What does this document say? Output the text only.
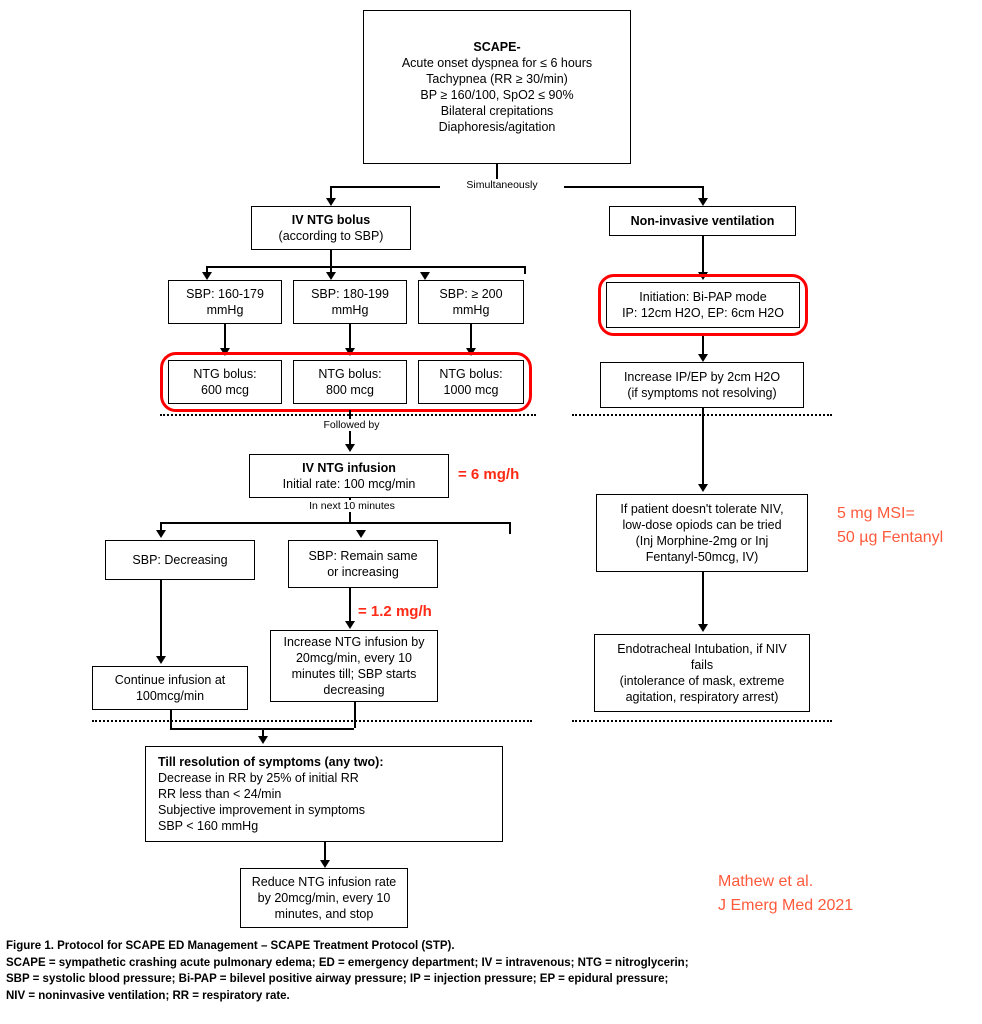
SCAPE-
Acute onset dyspnea for ≤ 6 hours
Tachypnea (RR ≥ 30/min)
BP ≥ 160/100, SpO2 ≤ 90%
Bilateral crepitations
Diaphoresis/agitation
Simultaneously
IV NTG bolus
(according to SBP)
Non-invasive ventilation
SBP: 160-179
mmHg
SBP: 180-199
mmHg
SBP: ≥ 200
mmHg
NTG bolus:
600 mcg
NTG bolus:
800 mcg
NTG bolus:
1000 mcg
Followed by
IV NTG infusion
Initial rate: 100 mcg/min
= 6 mg/h
In next 10 minutes
SBP: Decreasing	SBP: Remain same
or increasing
= 1.2 mg/h
Increase NTG infusion by
20mcg/min, every 10
minutes till; SBP starts
decreasing
Continue infusion at
100mcg/min
Till resolution of symptoms (any two):
Decrease in RR by 25% of initial RR
RR less than < 24/min
Subjective improvement in symptoms
SBP < 160 mmHg
Reduce NTG infusion rate
by 20mcg/min, every 10
minutes, and stop
Initiation: Bi-PAP mode
IP: 12cm H2O, EP: 6cm H2O
Increase IP/EP by 2cm H2O
(if symptoms not resolving)
If patient doesn't tolerate NIV,
low-dose opiods can be tried
(Inj Morphine-2mg or Inj
Fentanyl-50mcg, IV)
5 mg MSI=
50 µg Fentanyl
Endotracheal Intubation, if NIV
fails
(intolerance of mask, extreme
agitation, respiratory arrest)
Mathew et al.
J Emerg Med 2021
Figure 1. Protocol for SCAPE ED Management – SCAPE Treatment Protocol (STP).
SCAPE = sympathetic crashing acute pulmonary edema; ED = emergency department; IV = intravenous; NTG = nitroglycerin;
SBP = systolic blood pressure; Bi-PAP = bilevel positive airway pressure; IP = injection pressure; EP = epidural pressure;
NIV = noninvasive ventilation; RR = respiratory rate.
